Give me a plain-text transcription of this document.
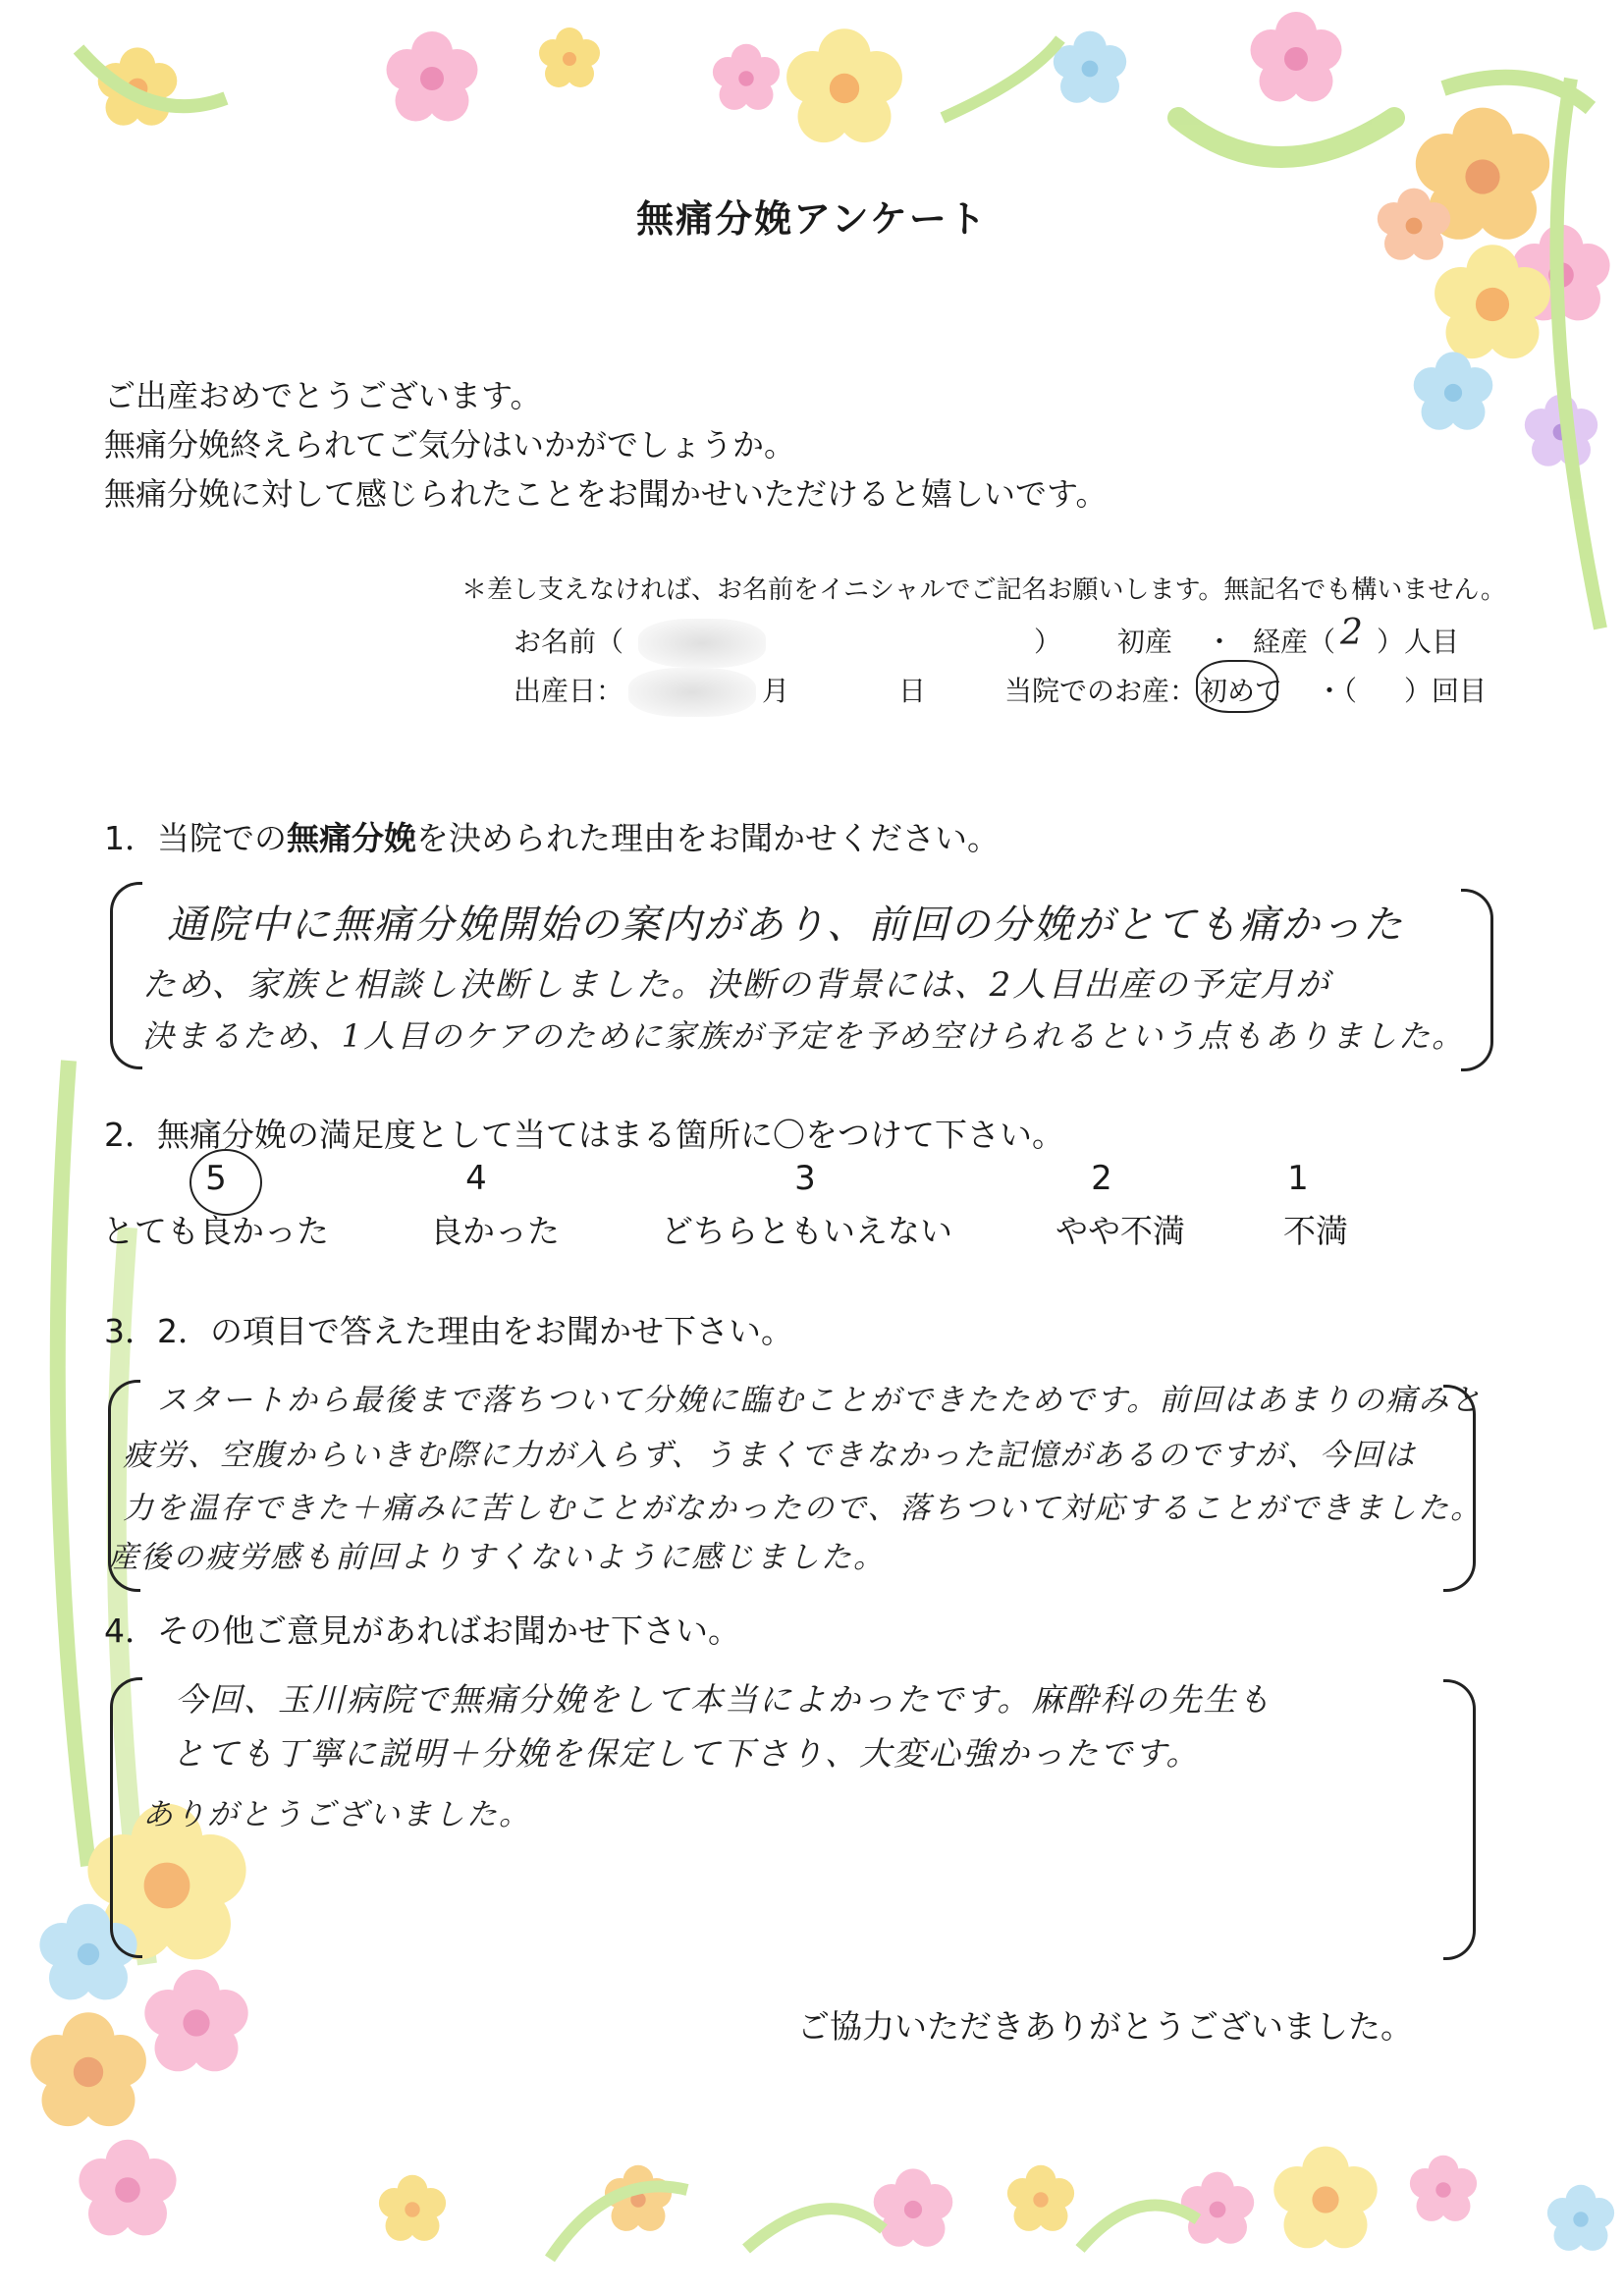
無痛分娩アンケート
ご出産おめでとうございます。
無痛分娩終えられてご気分はいかがでしょうか。
無痛分娩に対して感じられたことをお聞かせいただけると嬉しいです。
＊差し支えなければ、お名前をイニシャルでご記名お願いします。無記名でも構いません。
お名前（	） 初産 ・ 経産（ 2 ）人目
出産日：	月	日	当院でのお産： 初めて ・（ ）回目
1．当院での無痛分娩を決められた理由をお聞かせください。
通院中に無痛分娩開始の案内があり、前回の分娩がとても痛かった
ため、家族と相談し決断しました。決断の背景には、2人目出産の予定月が
決まるため、1人目のケアのために家族が予定を予め空けられるという点もありました。
2．無痛分娩の満足度として当てはまる箇所に〇をつけて下さい。
5	4	3	2	1
とても良かった	良かった	どちらともいえない	やや不満	不満
3．2．の項目で答えた理由をお聞かせ下さい。
スタートから最後まで落ちついて分娩に臨むことができたためです。前回はあまりの痛みと
疲労、空腹からいきむ際に力が入らず、うまくできなかった記憶があるのですが、今回は
力を温存できた＋痛みに苦しむことがなかったので、落ちついて対応することができました。
産後の疲労感も前回よりすくないように感じました。
4．その他ご意見があればお聞かせ下さい。
今回、玉川病院で無痛分娩をして本当によかったです。麻酔科の先生も
とても丁寧に説明＋分娩を保定して下さり、大変心強かったです。
ありがとうございました。
ご協力いただきありがとうございました。
